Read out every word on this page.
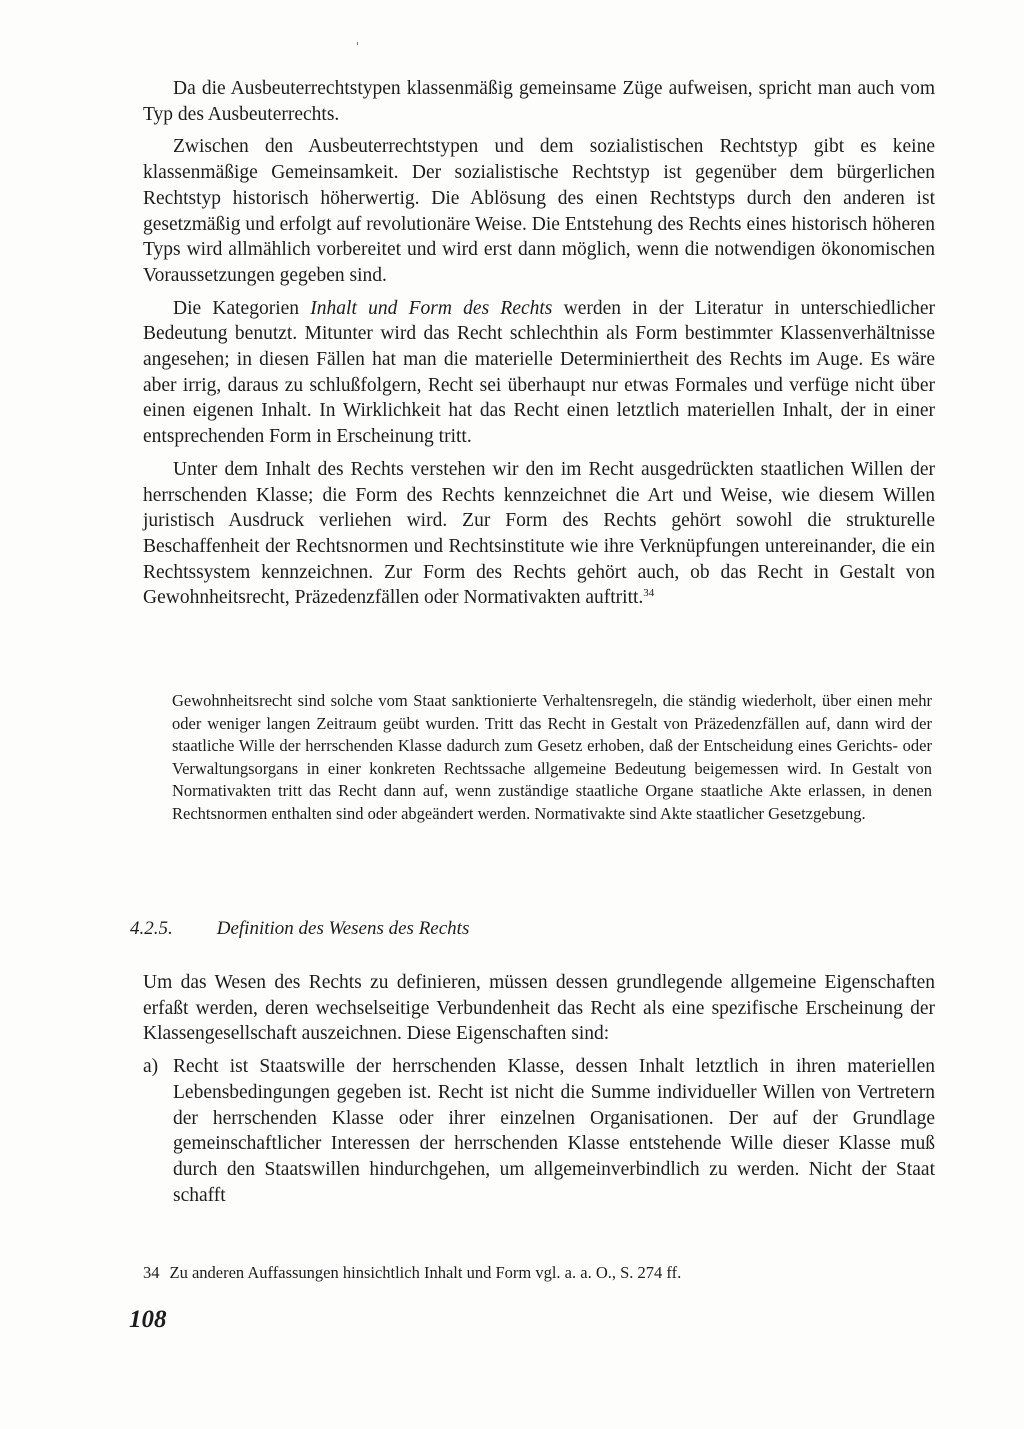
Da die Ausbeuterrechtstypen klassenmäßig gemeinsame Züge aufweisen, spricht man auch vom Typ des Ausbeuterrechts.

Zwischen den Ausbeuterrechtstypen und dem sozialistischen Rechtstyp gibt es keine klassenmäßige Gemeinsamkeit. Der sozialistische Rechtstyp ist gegenüber dem bürgerlichen Rechtstyp historisch höherwertig. Die Ablösung des einen Rechtstyps durch den anderen ist gesetzmäßig und erfolgt auf revolutionäre Weise. Die Entstehung des Rechts eines historisch höheren Typs wird allmählich vorbereitet und wird erst dann möglich, wenn die notwendigen ökonomischen Voraussetzungen gegeben sind.

Die Kategorien Inhalt und Form des Rechts werden in der Literatur in unterschiedlicher Bedeutung benutzt. Mitunter wird das Recht schlechthin als Form bestimmter Klassenverhältnisse angesehen; in diesen Fällen hat man die materielle Determiniertheit des Rechts im Auge. Es wäre aber irrig, daraus zu schlußfolgern, Recht sei überhaupt nur etwas Formales und verfüge nicht über einen eigenen Inhalt. In Wirklichkeit hat das Recht einen letztlich materiellen Inhalt, der in einer entsprechenden Form in Erscheinung tritt.

Unter dem Inhalt des Rechts verstehen wir den im Recht ausgedrückten staatlichen Willen der herrschenden Klasse; die Form des Rechts kennzeichnet die Art und Weise, wie diesem Willen juristisch Ausdruck verliehen wird. Zur Form des Rechts gehört sowohl die strukturelle Beschaffenheit der Rechtsnormen und Rechtsinstitute wie ihre Verknüpfungen untereinander, die ein Rechtssystem kennzeichnen. Zur Form des Rechts gehört auch, ob das Recht in Gestalt von Gewohnheitsrecht, Präzedenzfällen oder Normativakten auftritt.$^{34}$

Gewohnheitsrecht sind solche vom Staat sanktionierte Verhaltensregeln, die ständig wiederholt, über einen mehr oder weniger langen Zeitraum geübt wurden. Tritt das Recht in Gestalt von Präzedenzfällen auf, dann wird der staatliche Wille der herrschenden Klasse dadurch zum Gesetz erhoben, daß der Entscheidung eines Gerichts- oder Verwaltungsorgans in einer konkreten Rechtssache allgemeine Bedeutung beigemessen wird. In Gestalt von Normativakten tritt das Recht dann auf, wenn zuständige staatliche Organe staatliche Akte erlassen, in denen Rechtsnormen enthalten sind oder abgeändert werden. Normativakte sind Akte staatlicher Gesetzgebung.

4.2.5. Definition des Wesens des Rechts

Um das Wesen des Rechts zu definieren, müssen dessen grundlegende allgemeine Eigenschaften erfaßt werden, deren wechselseitige Verbundenheit das Recht als eine spezifische Erscheinung der Klassengesellschaft auszeichnen. Diese Eigenschaften sind:

a) Recht ist Staatswille der herrschenden Klasse, dessen Inhalt letztlich in ihren materiellen Lebensbedingungen gegeben ist. Recht ist nicht die Summe individueller Willen von Vertretern der herrschenden Klasse oder ihrer einzelnen Organisationen. Der auf der Grundlage gemeinschaftlicher Interessen der herrschenden Klasse entstehende Wille dieser Klasse muß durch den Staatswillen hindurchgehen, um allgemeinverbindlich zu werden. Nicht der Staat schafft
34 Zu anderen Auffassungen hinsichtlich Inhalt und Form vgl. a. a. O., S. 274 ff.
108
